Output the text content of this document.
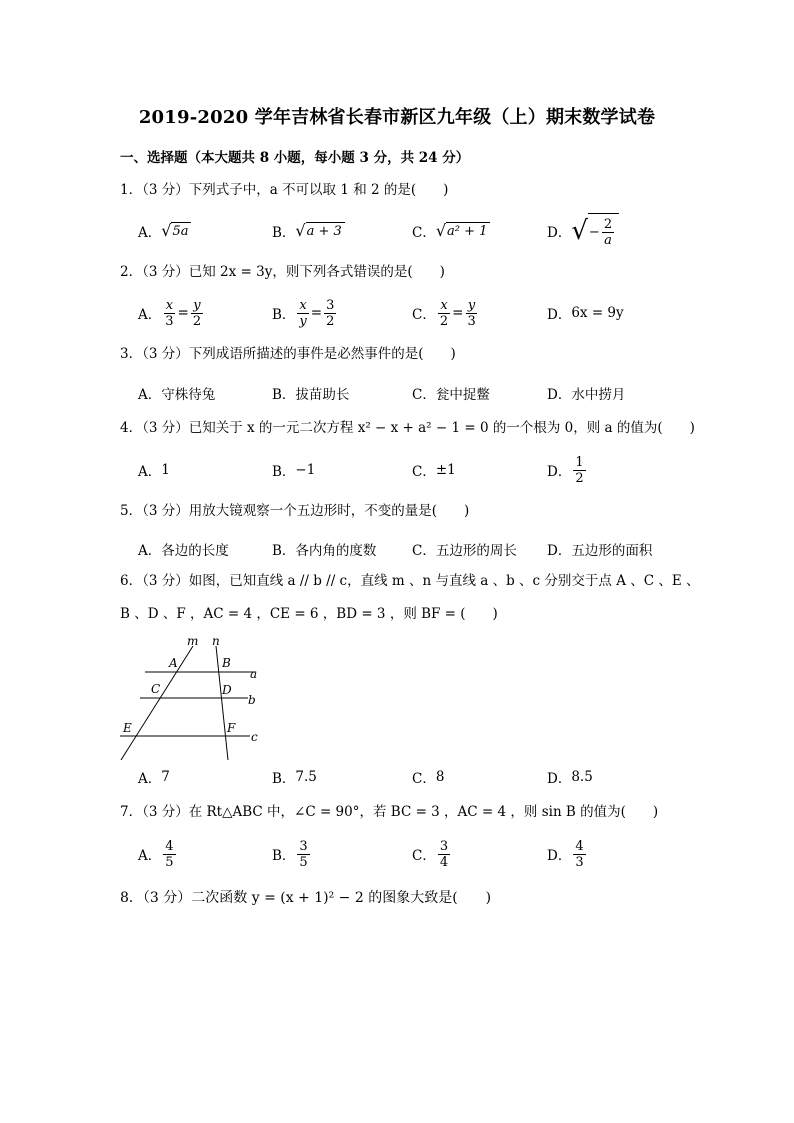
2019-2020 学年吉林省长春市新区九年级（上）期末数学试卷
一、选择题（本大题共 8 小题，每小题 3 分，共 24 分）
1．（3 分）下列式子中，a 不可以取 1 和 2 的是(　　)
A． √ 5a	B． √ a + 3	C． √ a² + 1	D． √ − $\frac{2}{a}$
2．（3 分）已知 2x = 3y，则下列各式错误的是(　　)
A． $\frac{x}{3} = \frac{y}{2}$	B． $\frac{x}{y} = \frac{3}{2}$	C． $\frac{x}{2} = \frac{y}{3}$	D． 6x = 9y
3．（3 分）下列成语所描述的事件是必然事件的是(　　)
A． 守株待兔	B． 拔苗助长	C． 瓮中捉鳖	D． 水中捞月
4．（3 分）已知关于 x 的一元二次方程 x² − x + a² − 1 = 0 的一个根为 0，则 a 的值为(　　)
A． 1	B． −1	C． ±1	D． $\frac{1}{2}$
5．（3 分）用放大镜观察一个五边形时，不变的量是(　　)
A． 各边的长度	B． 各内角的度数	C． 五边形的周长 D． 五边形的面积
6．（3 分）如图，已知直线 a // b // c，直线 m 、n 与直线 a 、b 、c 分别交于点 A 、C 、E 、
B 、D 、F ，AC = 4 ，CE = 6 ，BD = 3 ，则 BF = (　　)
m n
A	B
a
C	D
b
E	F
c
A． 7	B． 7.5	C． 8	D． 8.5
7．（3 分）在 Rt△ABC 中，∠C = 90°，若 BC = 3 ，AC = 4 ，则 sin B 的值为(　　)
A． $\frac{4}{5}$	B． $\frac{3}{5}$	C． $\frac{3}{4}$	D． $\frac{4}{3}$
8．（3 分）二次函数 y = (x + 1)² − 2 的图象大致是(　　)
